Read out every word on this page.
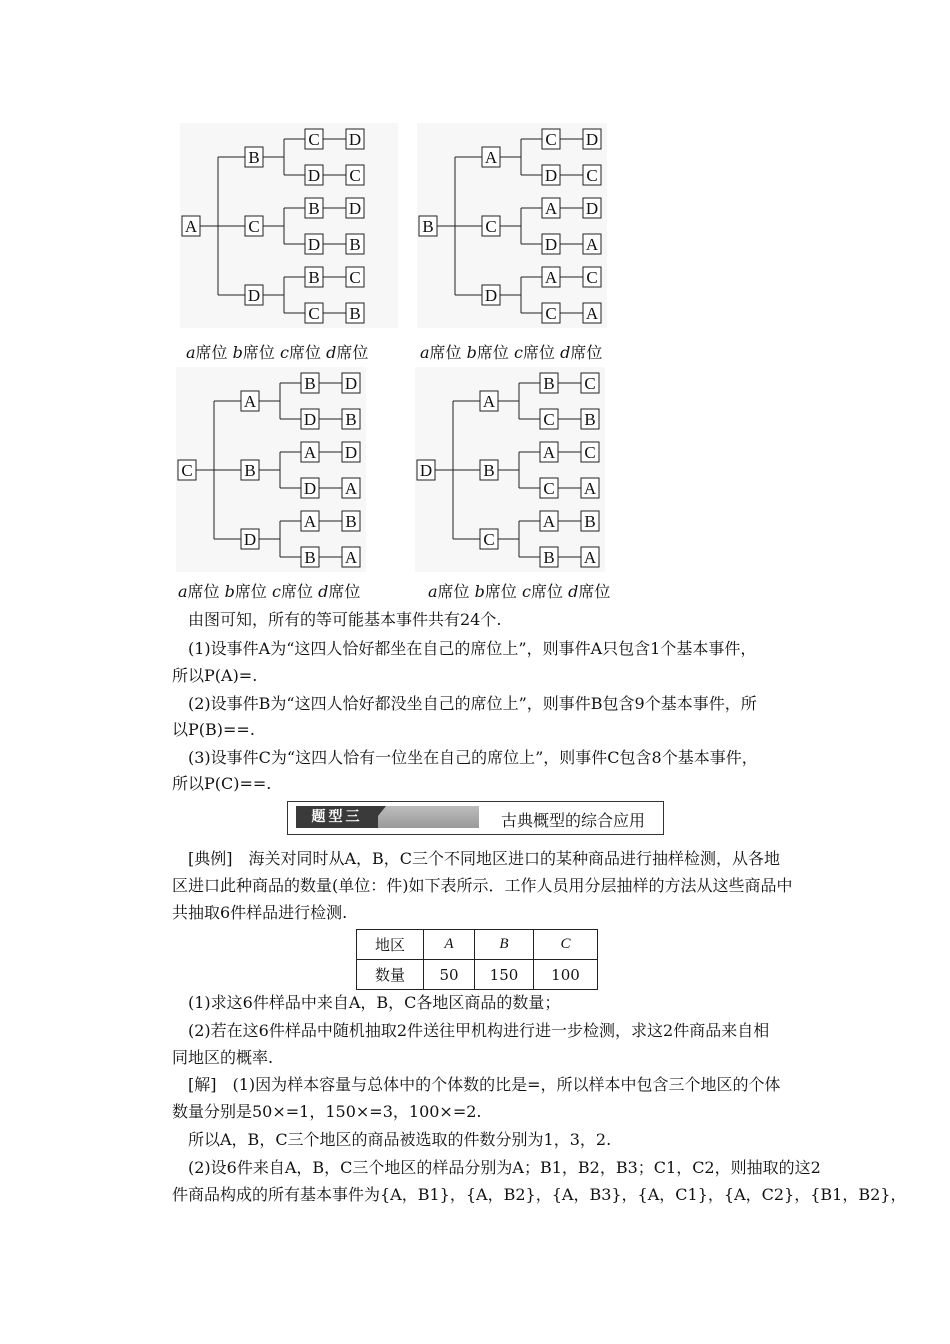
A
B
C D
D C
C
B D
D B
D
B C
C B
B
A
C D
D C
C
A D
D A
D
A C
C A
C
A
B D
D B
B
A D
D A
D
A B
B A
D
A
B C
C B
B
A C
C A
C
A B
B A
a席位 b席位 c席位 d席位	a席位 b席位 c席位 d席位
a席位 b席位 c席位 d席位	a席位 b席位 c席位 d席位
由图可知，所有的等可能基本事件共有24个.
(1)设事件A为“这四人恰好都坐在自己的席位上”，则事件A只包含1个基本事件，
所以P(A)=.
(2)设事件B为“这四人恰好都没坐自己的席位上”，则事件B包含9个基本事件，所
以P(B)==.
(3)设事件C为“这四人恰有一位坐在自己的席位上”，则事件C包含8个基本事件，
所以P(C)==.
题型三	古典概型的综合应用
[典例]　海关对同时从A，B，C三个不同地区进口的某种商品进行抽样检测，从各地
区进口此种商品的数量(单位：件)如下表所示．工作人员用分层抽样的方法从这些商品中
共抽取6件样品进行检测.
地区	A	B	C
数量	50	150	100
(1)求这6件样品中来自A，B，C各地区商品的数量；
(2)若在这6件样品中随机抽取2件送往甲机构进行进一步检测，求这2件商品来自相
同地区的概率.
[解]　(1)因为样本容量与总体中的个体数的比是=，所以样本中包含三个地区的个体
数量分别是50×=1，150×=3，100×=2.
所以A，B，C三个地区的商品被选取的件数分别为1，3，2.
(2)设6件来自A，B，C三个地区的样品分别为A；B1，B2，B3；C1，C2，则抽取的这2
件商品构成的所有基本事件为{A，B1}，{A，B2}，{A，B3}，{A，C1}，{A，C2}，{B1，B2}，
